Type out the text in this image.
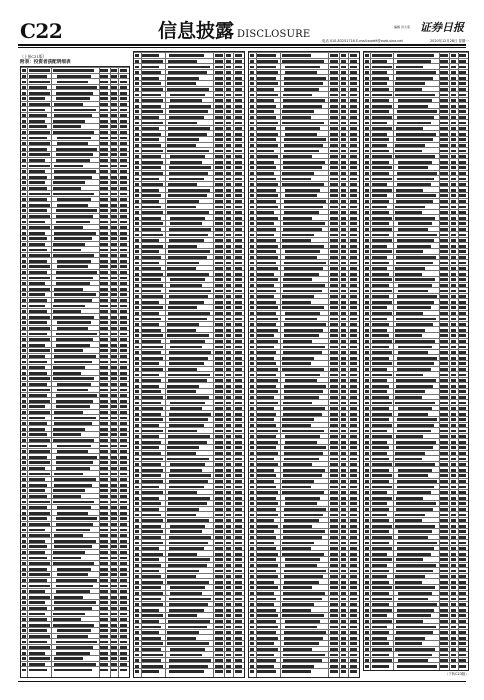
C22	信息披露 DISCLOSURE
编辑 肖大荣 证券日报
电话 010-83251716 E-mail:zqrb9@zqrb.sina.net	2020年12月28日 星期一
（上接C21版）
附表：投资者获配明细表
（下转C23版）
